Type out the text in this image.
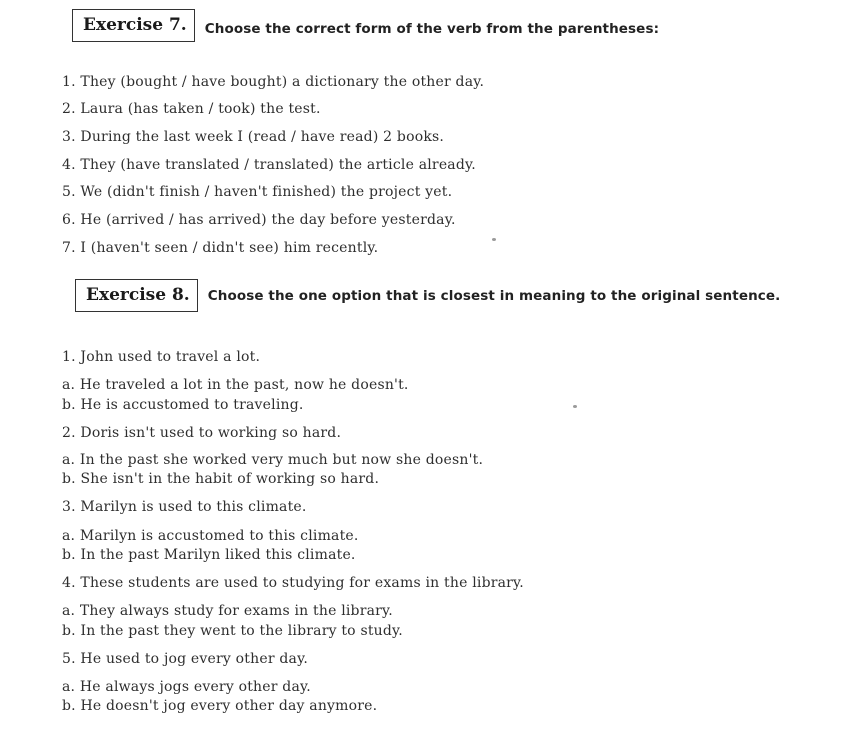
Exercise 7.	Choose the correct form of the verb from the parentheses:
1. They (bought / have bought) a dictionary the other day.
2. Laura (has taken / took) the test.
3. During the last week I (read / have read) 2 books.
4. They (have translated / translated) the article already.
5. We (didn't finish / haven't finished) the project yet.
6. He (arrived / has arrived) the day before yesterday.
7. I (haven't seen / didn't see) him recently.
Exercise 8.	Choose the one option that is closest in meaning to the original sentence.
1. John used to travel a lot.
a. He traveled a lot in the past, now he doesn't.
b. He is accustomed to traveling.
2. Doris isn't used to working so hard.
a. In the past she worked very much but now she doesn't.
b. She isn't in the habit of working so hard.
3. Marilyn is used to this climate.
a. Marilyn is accustomed to this climate.
b. In the past Marilyn liked this climate.
4. These students are used to studying for exams in the library.
a. They always study for exams in the library.
b. In the past they went to the library to study.
5. He used to jog every other day.
a. He always jogs every other day.
b. He doesn't jog every other day anymore.
